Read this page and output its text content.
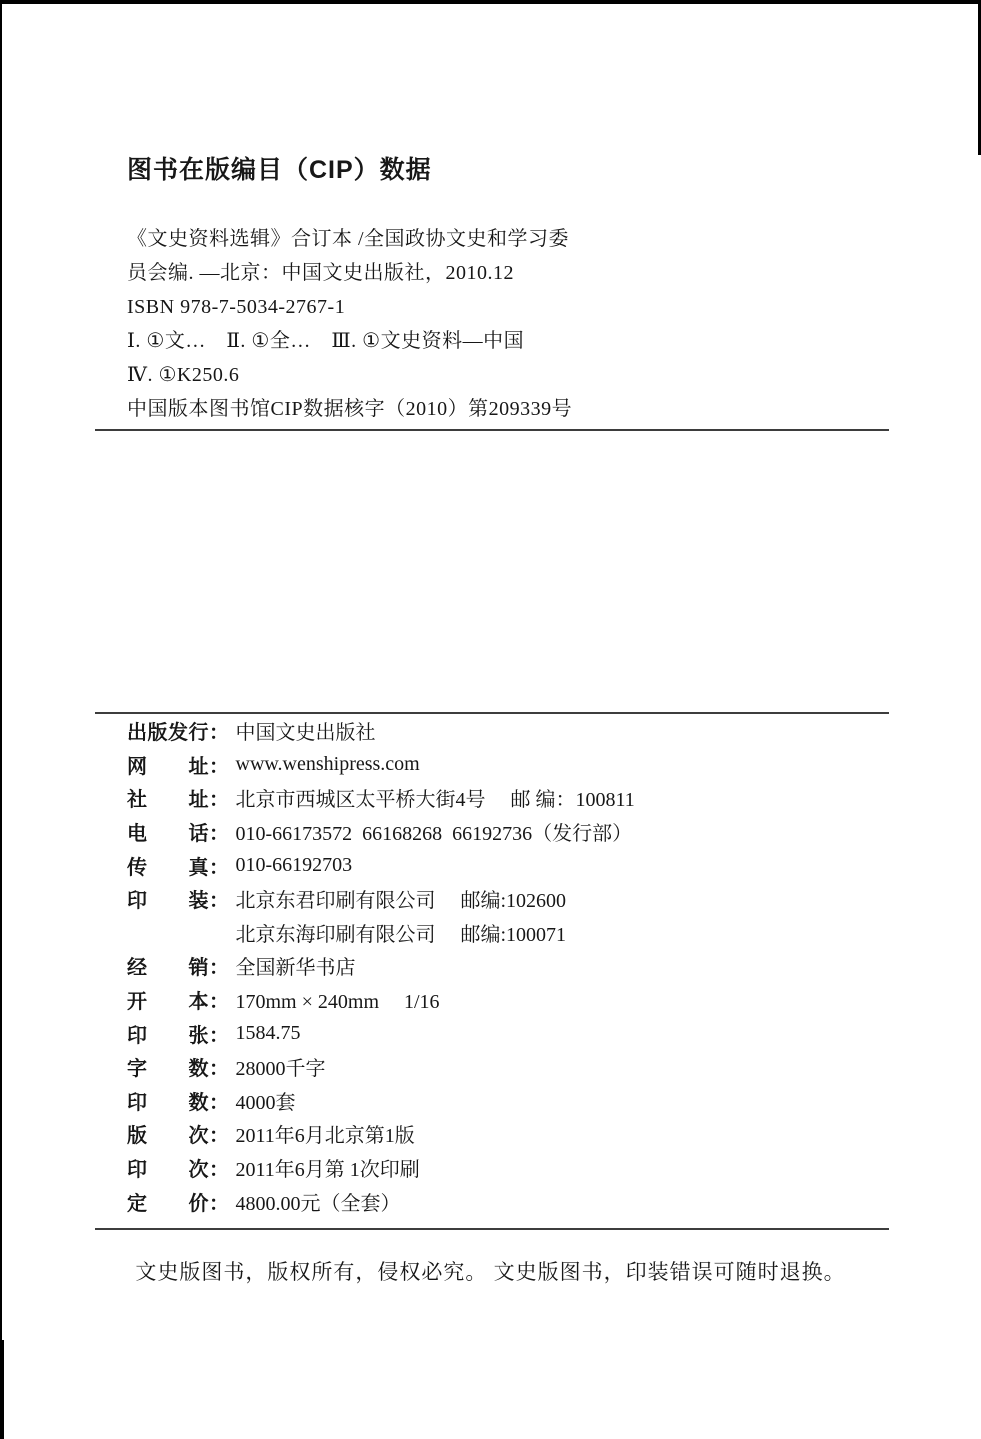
图书在版编目（CIP）数据

《文史资料选辑》合订本 /全国政协文史和学习委

员会编. —北京：中国文史出版社，2010.12

ISBN 978-7-5034-2767-1

Ⅰ. ①文…　Ⅱ. ①全…　Ⅲ. ①文史资料—中国

Ⅳ. ①K250.6

中国版本图书馆CIP数据核字（2010）第209339号

出版发行： 中国文史出版社
网　　址： www.wenshipress.com
社　　址： 北京市西城区太平桥大街4号　 邮 编：100811
电　　话： 010-66173572  66168268  66192736（发行部）
传　　真： 010-66192703
印　　装： 北京东君印刷有限公司　 邮编:102600

北京东海印刷有限公司　 邮编:100071
经　　销： 全国新华书店
开　　本： 170mm × 240mm　 1/16
印　　张： 1584.75
字　　数： 28000千字
印　　数： 4000套
版　　次： 2011年6月北京第1版
印　　次： 2011年6月第 1次印刷
定　　价： 4800.00元（全套）

文史版图书，版权所有，侵权必究。 文史版图书，印装错误可随时退换。
